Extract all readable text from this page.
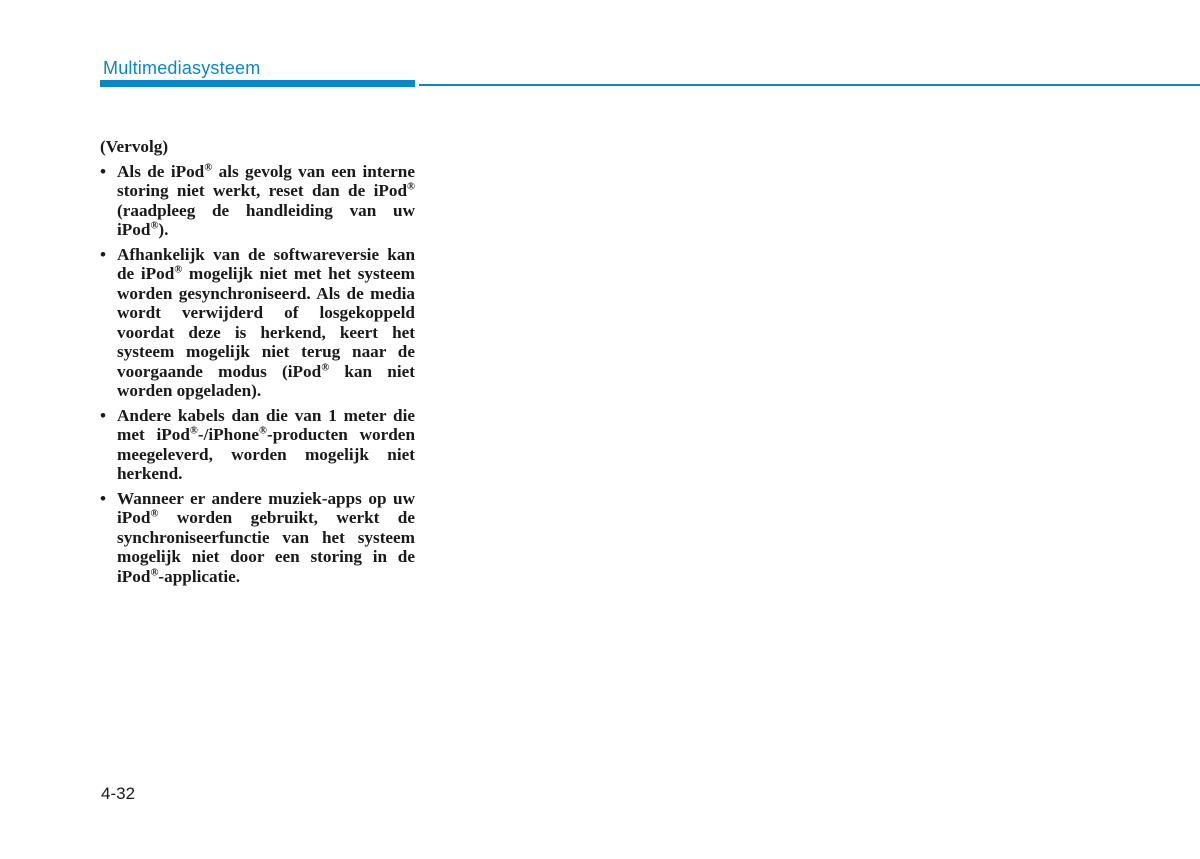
Multimediasysteem

(Vervolg)

• Als de iPod® als gevolg van een interne storing niet werkt, reset dan de iPod® (raadpleeg de handleiding van uw iPod®).
• Afhankelijk van de softwareversie kan de iPod® mogelijk niet met het systeem worden gesynchroniseerd. Als de media wordt verwijderd of losgekoppeld voordat deze is herkend, keert het systeem mogelijk niet terug naar de voorgaande modus (iPod® kan niet worden opgeladen).
• Andere kabels dan die van 1 meter die met iPod®-/iPhone®-producten worden meegeleverd, worden mogelijk niet herkend.
• Wanneer er andere muziek-apps op uw iPod® worden gebruikt, werkt de synchroniseerfunctie van het systeem mogelijk niet door een storing in de iPod®-applicatie.
4-32
